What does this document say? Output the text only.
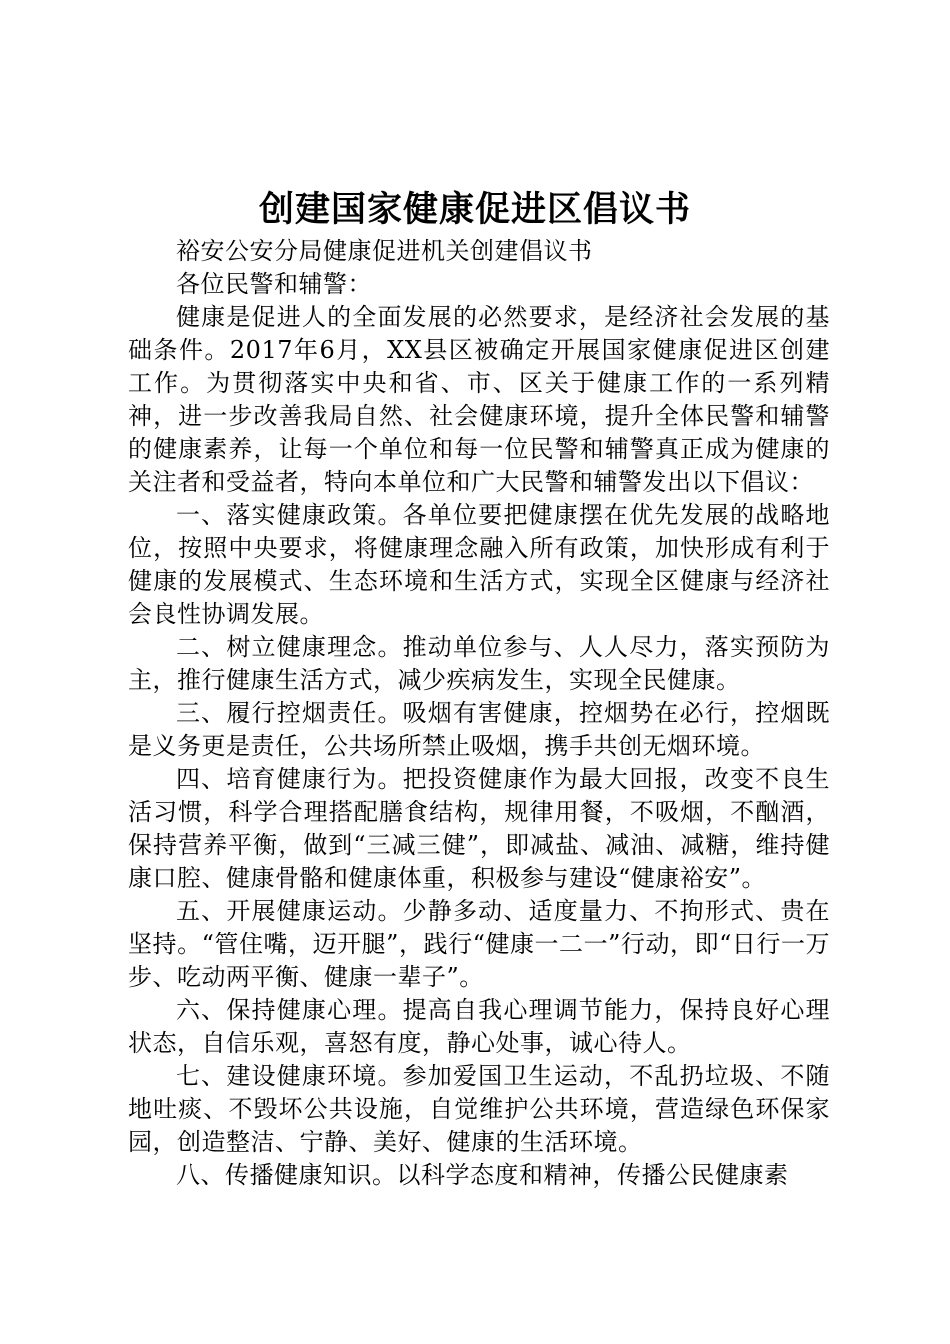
创建国家健康促进区倡议书

裕安公安分局健康促进机关创建倡议书

各位民警和辅警：

健康是促进人的全面发展的必然要求，是经济社会发展的基础条件。2017年6月，XX县区被确定开展国家健康促进区创建工作。为贯彻落实中央和省、市、区关于健康工作的一系列精神，进一步改善我局自然、社会健康环境，提升全体民警和辅警的健康素养，让每一个单位和每一位民警和辅警真正成为健康的关注者和受益者，特向本单位和广大民警和辅警发出以下倡议：

一、落实健康政策。各单位要把健康摆在优先发展的战略地位，按照中央要求，将健康理念融入所有政策，加快形成有利于健康的发展模式、生态环境和生活方式，实现全区健康与经济社会良性协调发展。

二、树立健康理念。推动单位参与、人人尽力，落实预防为主，推行健康生活方式，减少疾病发生，实现全民健康。

三、履行控烟责任。吸烟有害健康，控烟势在必行，控烟既是义务更是责任，公共场所禁止吸烟，携手共创无烟环境。

四、培育健康行为。把投资健康作为最大回报，改变不良生活习惯，科学合理搭配膳食结构，规律用餐，不吸烟，不酗酒，保持营养平衡，做到“三减三健”，即减盐、减油、减糖，维持健康口腔、健康骨骼和健康体重，积极参与建设“健康裕安”。

五、开展健康运动。少静多动、适度量力、不拘形式、贵在坚持。“管住嘴，迈开腿”，践行“健康一二一”行动，即“日行一万步、吃动两平衡、健康一辈子”。

六、保持健康心理。提高自我心理调节能力，保持良好心理状态，自信乐观，喜怒有度，静心处事，诚心待人。

七、建设健康环境。参加爱国卫生运动，不乱扔垃圾、不随地吐痰、不毁坏公共设施，自觉维护公共环境，营造绿色环保家园，创造整洁、宁静、美好、健康的生活环境。

八、传播健康知识。以科学态度和精神，传播公民健康素
